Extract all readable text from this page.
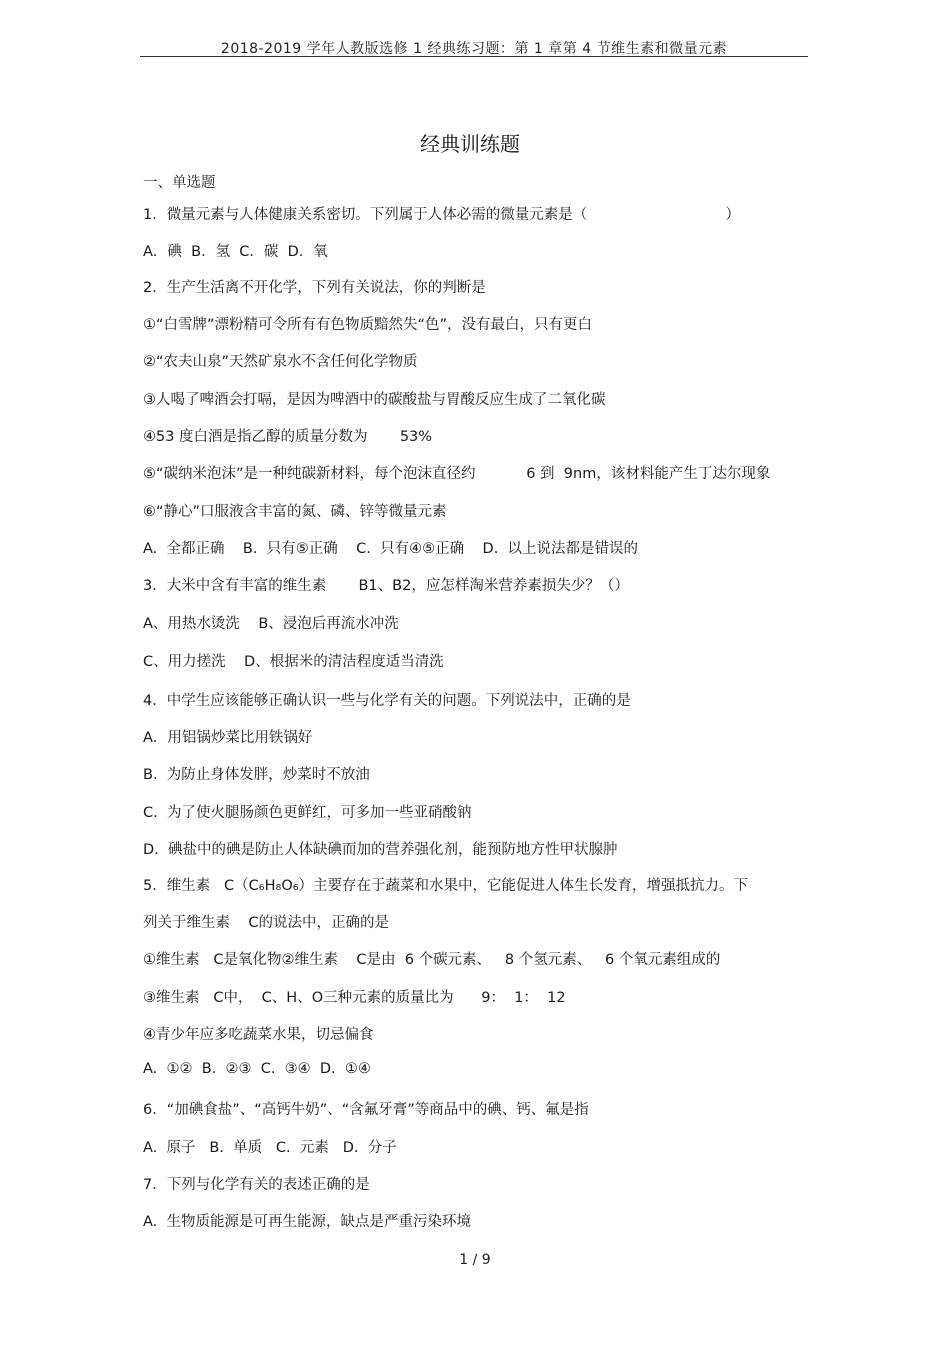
2018-2019 学年人教版选修 1 经典练习题：第 1 章第 4 节维生素和微量元素
经典训练题
一、单选题
1．微量元素与人体健康关系密切。下列属于人体必需的微量元素是（                              ）
A．碘  B．氢  C．碳  D．氧
2．生产生活离不开化学，下列有关说法，你的判断是
①“白雪牌”漂粉精可令所有有色物质黯然失“色”，没有最白，只有更白
②“农夫山泉”天然矿泉水不含任何化学物质
③人喝了啤酒会打嗝，是因为啤酒中的碳酸盐与胃酸反应生成了二氧化碳
④53 度白酒是指乙醇的质量分数为       53%
⑤“碳纳米泡沫”是一种纯碳新材料，每个泡沫直径约           6 到  9nm，该材料能产生丁达尔现象
⑥“静心”口服液含丰富的氮、磷、锌等微量元素
A.  全都正确    B.  只有⑤正确    C.  只有④⑤正确    D.  以上说法都是错误的
3．大米中含有丰富的维生素       B1、B2，应怎样淘米营养素损失少？（）
A、用热水烫洗    B、浸泡后再流水冲洗
C、用力搓洗    D、根据米的清洁程度适当清洗
4．中学生应该能够正确认识一些与化学有关的问题。下列说法中，正确的是
A．用铝锅炒菜比用铁锅好
B.  为防止身体发胖，炒菜时不放油
C.  为了使火腿肠颜色更鲜红，可多加一些亚硝酸钠
D.  碘盐中的碘是防止人体缺碘而加的营养强化剂，能预防地方性甲状腺肿
5．维生素   C（C₆H₈O₆）主要存在于蔬菜和水果中，它能促进人体生长发育，增强抵抗力。下
列关于维生素    C的说法中，正确的是
①维生素   C是氧化物②维生素    C是由  6 个碳元素、   8 个氢元素、   6 个氧元素组成的
③维生素   C中，  C、H、O三种元素的质量比为      9：  1：  12
④青少年应多吃蔬菜水果，切忌偏食
A.  ①②  B.  ②③  C.  ③④  D.  ①④
6．“加碘食盐”、“高钙牛奶”、“含氟牙膏”等商品中的碘、钙、氟是指
A.  原子   B.  单质   C.  元素   D.  分子
7．下列与化学有关的表述正确的是
A.  生物质能源是可再生能源，缺点是严重污染环境
1 / 9
